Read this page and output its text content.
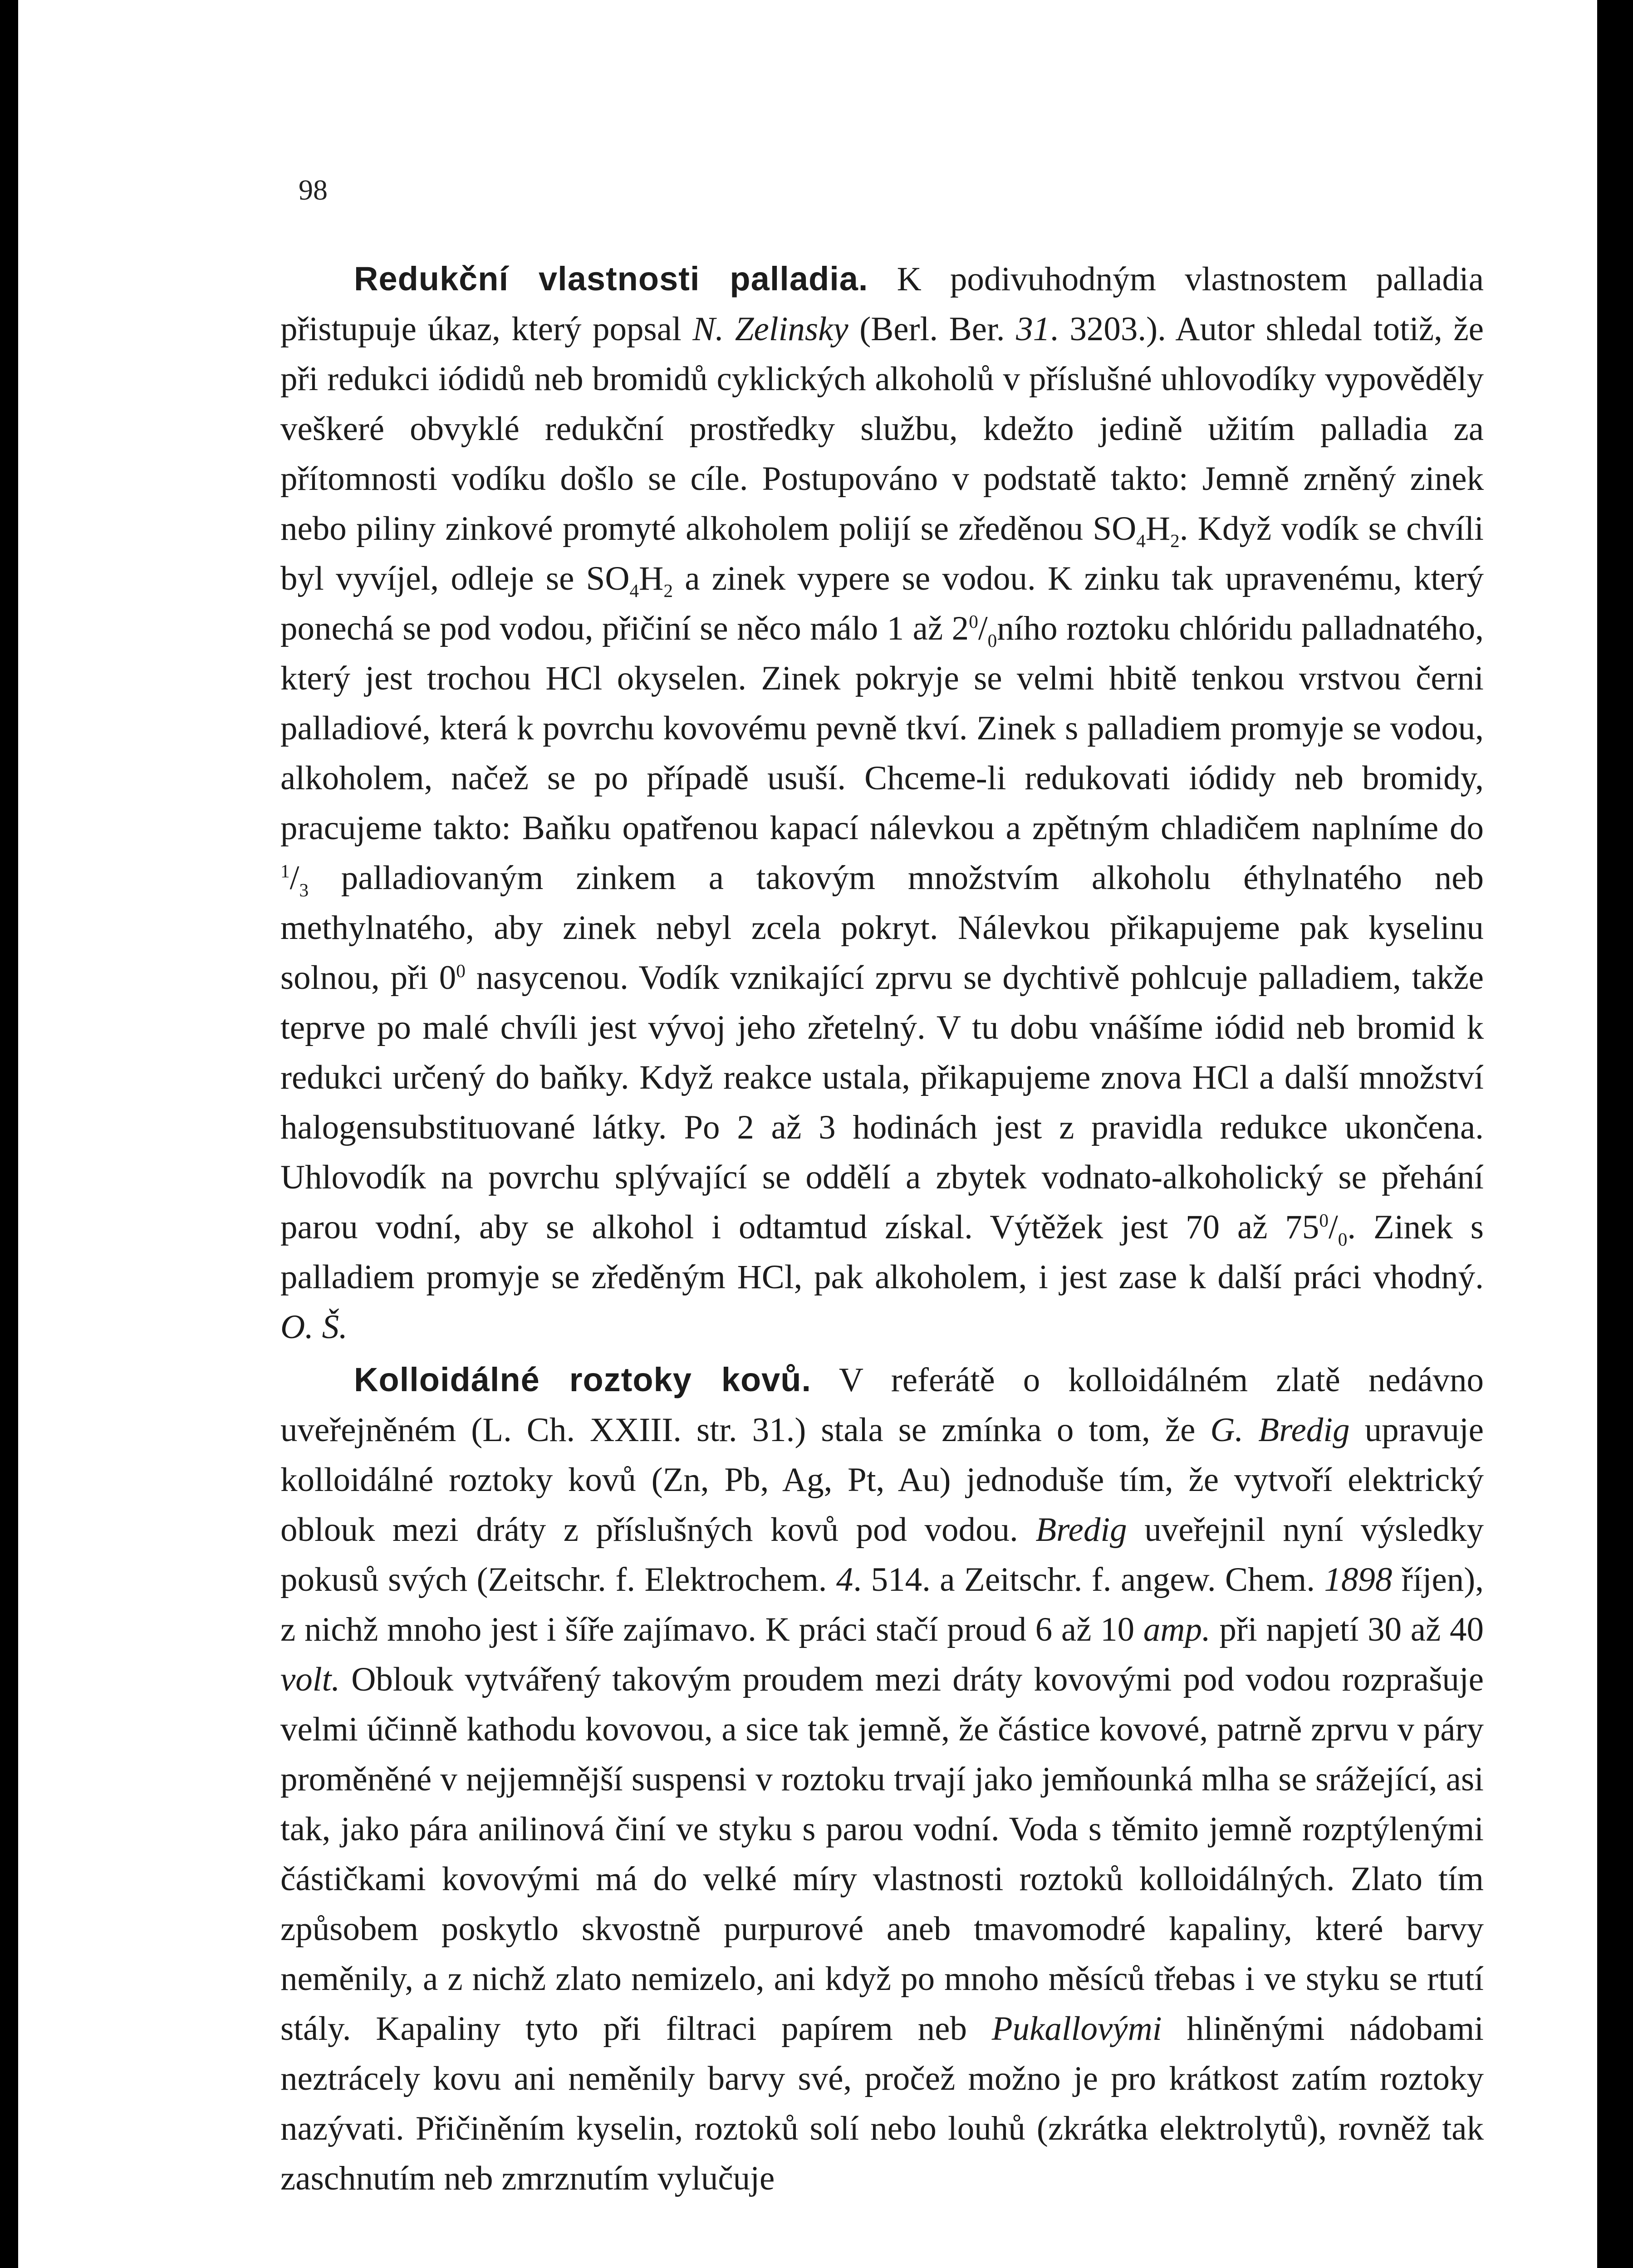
98

Redukční vlastnosti palladia. K podivuhodným vlastnostem palladia přistupuje úkaz, který popsal N. Zelinsky (Berl. Ber. 31. 3203.). Autor shledal totiž, že při redukci iódidů neb bromidů cyklických alkoholů v příslušné uhlovodíky vypověděly veškeré obvyklé redukční prostředky službu, kdežto jedině užitím palladia za přítomnosti vodíku došlo se cíle. Postupováno v podstatě takto: Jemně zrněný zinek nebo piliny zinkové promyté alkoholem polijí se zředěnou $SO_4H_2$. Když vodík se chvíli byl vyvíjel, odleje se $SO_4H_2$ a zinek vypere se vodou. K zinku tak upravenému, který ponechá se pod vodou, přičiní se něco málo 1 až $2^0/_0ního$ roztoku chlóridu palladnatého, který jest trochou HCl okyselen. Zinek pokryje se velmi hbitě tenkou vrstvou černi palladiové, která k povrchu kovovému pevně tkví. Zinek s palladiem promyje se vodou, alkoholem, načež se po případě usuší. Chceme-li redukovati iódidy neb bromidy, pracujeme takto: Baňku opatřenou kapací nálevkou a zpětným chladičem naplníme do $^1/_3$ palladiovaným zinkem a takovým množstvím alkoholu éthylnatého neb methylnatého, aby zinek nebyl zcela pokryt. Nálevkou přikapujeme pak kyselinu solnou, při $0^0$ nasycenou. Vodík vznikající zprvu se dychtivě pohlcuje palladiem, takže teprve po malé chvíli jest vývoj jeho zřetelný. V tu dobu vnášíme iódid neb bromid k redukci určený do baňky. Když reakce ustala, přikapujeme znova HCl a další množství halogensubstituované látky. Po 2 až 3 hodinách jest z pravidla redukce ukončena. Uhlovodík na povrchu splývající se oddělí a zbytek vodnato-alkoholický se přehání parou vodní, aby se alkohol i odtamtud získal. Výtěžek jest 70 až $75^0/_0$. Zinek s palladiem promyje se zředěným HCl, pak alkoholem, i jest zase k další práci vhodný. O. Š.

Kolloidálné roztoky kovů. V referátě o kolloidálném zlatě nedávno uveřejněném (L. Ch. XXIII. str. 31.) stala se zmínka o tom, že G. Bredig upravuje kolloidálné roztoky kovů (Zn, Pb, Ag, Pt, Au) jednoduše tím, že vytvoří elektrický oblouk mezi dráty z příslušných kovů pod vodou. Bredig uveřejnil nyní výsledky pokusů svých (Zeitschr. f. Elektrochem. 4. 514. a Zeitschr. f. angew. Chem. 1898 říjen), z nichž mnoho jest i šíře zajímavo. K práci stačí proud 6 až 10 amp. při napjetí 30 až 40 volt. Oblouk vytvářený takovým proudem mezi dráty kovovými pod vodou rozprašuje velmi účinně kathodu kovovou, a sice tak jemně, že částice kovové, patrně zprvu v páry proměněné v nejjemnější suspensi v roztoku trvají jako jemňounká mlha se srážející, asi tak, jako pára anilinová činí ve styku s parou vodní. Voda s těmito jemně rozptýlenými částičkami kovovými má do velké míry vlastnosti roztoků kolloidálných. Zlato tím způsobem poskytlo skvostně purpurové aneb tmavomodré kapaliny, které barvy neměnily, a z nichž zlato nemizelo, ani když po mnoho měsíců třebas i ve styku se rtutí stály. Kapaliny tyto při filtraci papírem neb Pukallovými hliněnými nádobami neztrácely kovu ani neměnily barvy své, pročež možno je pro krátkost zatím roztoky nazývati. Přičiněním kyselin, roztoků solí nebo louhů (zkrátka elektrolytů), rovněž tak zaschnutím neb zmrznutím vylučuje
